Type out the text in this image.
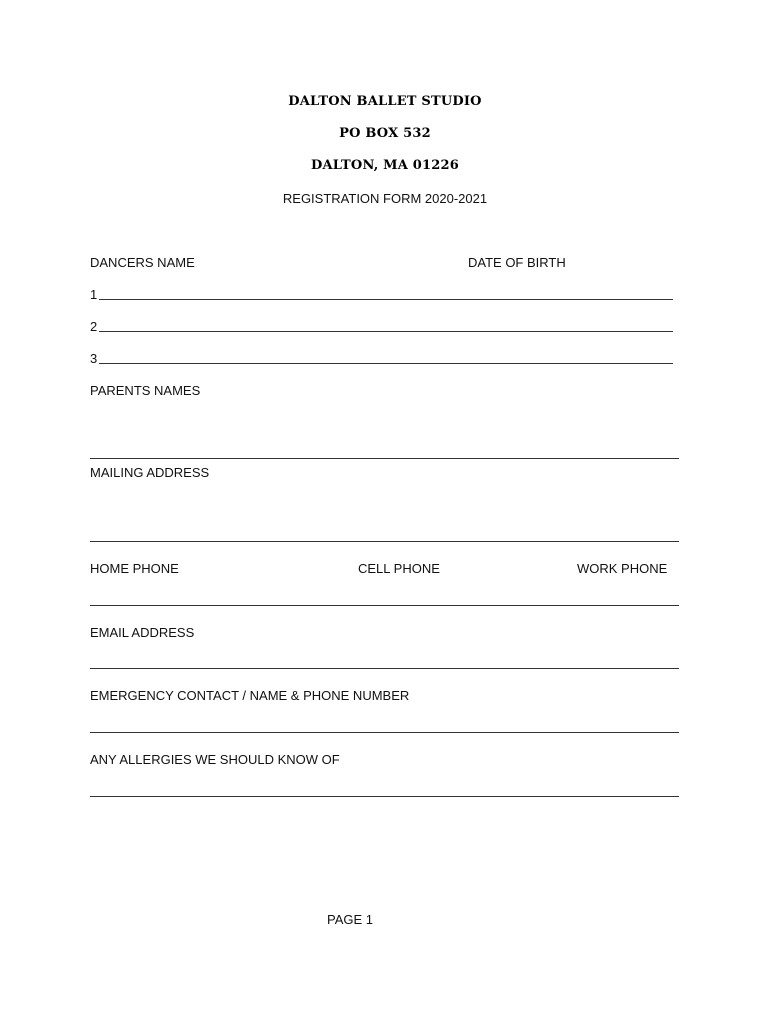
DALTON BALLET STUDIO
PO BOX 532
DALTON, MA 01226
REGISTRATION FORM 2020-2021
DANCERS NAME	DATE OF BIRTH
1
2
3
PARENTS NAMES
MAILING ADDRESS
HOME PHONE	CELL PHONE	WORK PHONE
EMAIL ADDRESS
EMERGENCY CONTACT / NAME & PHONE NUMBER
ANY ALLERGIES WE SHOULD KNOW OF
PAGE 1
